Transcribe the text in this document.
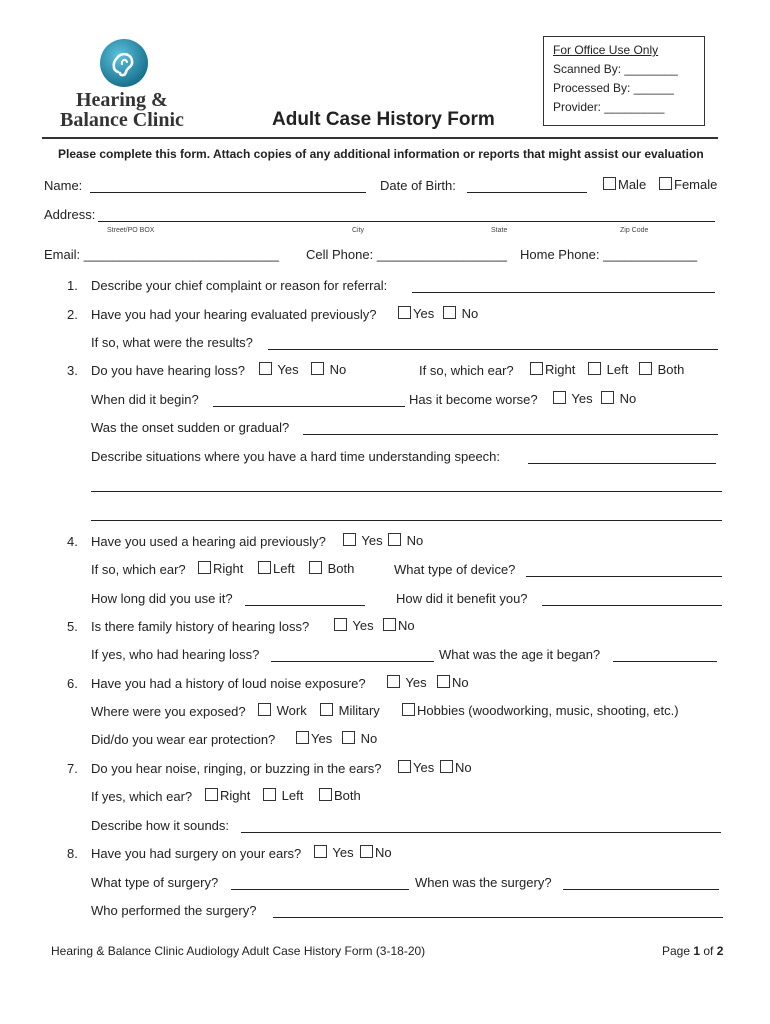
Hearing &
Balance Clinic	Adult Case History Form
For Office Use Only
Scanned By: ________
Processed By: ______
Provider: _________
Please complete this form. Attach copies of any additional information or reports that might assist our evaluation
Name:	Date of Birth:	Male	Female
Address:
Street/PO BOX	City	State	Zip Code
Email: ___________________________ Cell Phone: __________________ Home Phone: _____________
1. Describe your chief complaint or reason for referral:
2. Have you had your hearing evaluated previously?	Yes	No
If so, what were the results?
3. Do you have hearing loss?	Yes	No	If so, which ear?	Right	Left	Both
When did it begin?	Has it become worse?	Yes	No
Was the onset sudden or gradual?
Describe situations where you have a hard time understanding speech:
4. Have you used a hearing aid previously?	Yes	No
If so, which ear?	Right	Left	Both	What type of device?
How long did you use it?	How did it benefit you?
5. Is there family history of hearing loss?	Yes	No
If yes, who had hearing loss?	What was the age it began?
6. Have you had a history of loud noise exposure?	Yes	No
Where were you exposed?	Work	Military	Hobbies (woodworking, music, shooting, etc.)
Did/do you wear ear protection?	Yes	No
7. Do you hear noise, ringing, or buzzing in the ears?	Yes	No
If yes, which ear?	Right	Left	Both
Describe how it sounds:
8. Have you had surgery on your ears?	Yes	No
What type of surgery?	When was the surgery?
Who performed the surgery?
Hearing & Balance Clinic Audiology Adult Case History Form (3-18-20)	Page 1 of 2
